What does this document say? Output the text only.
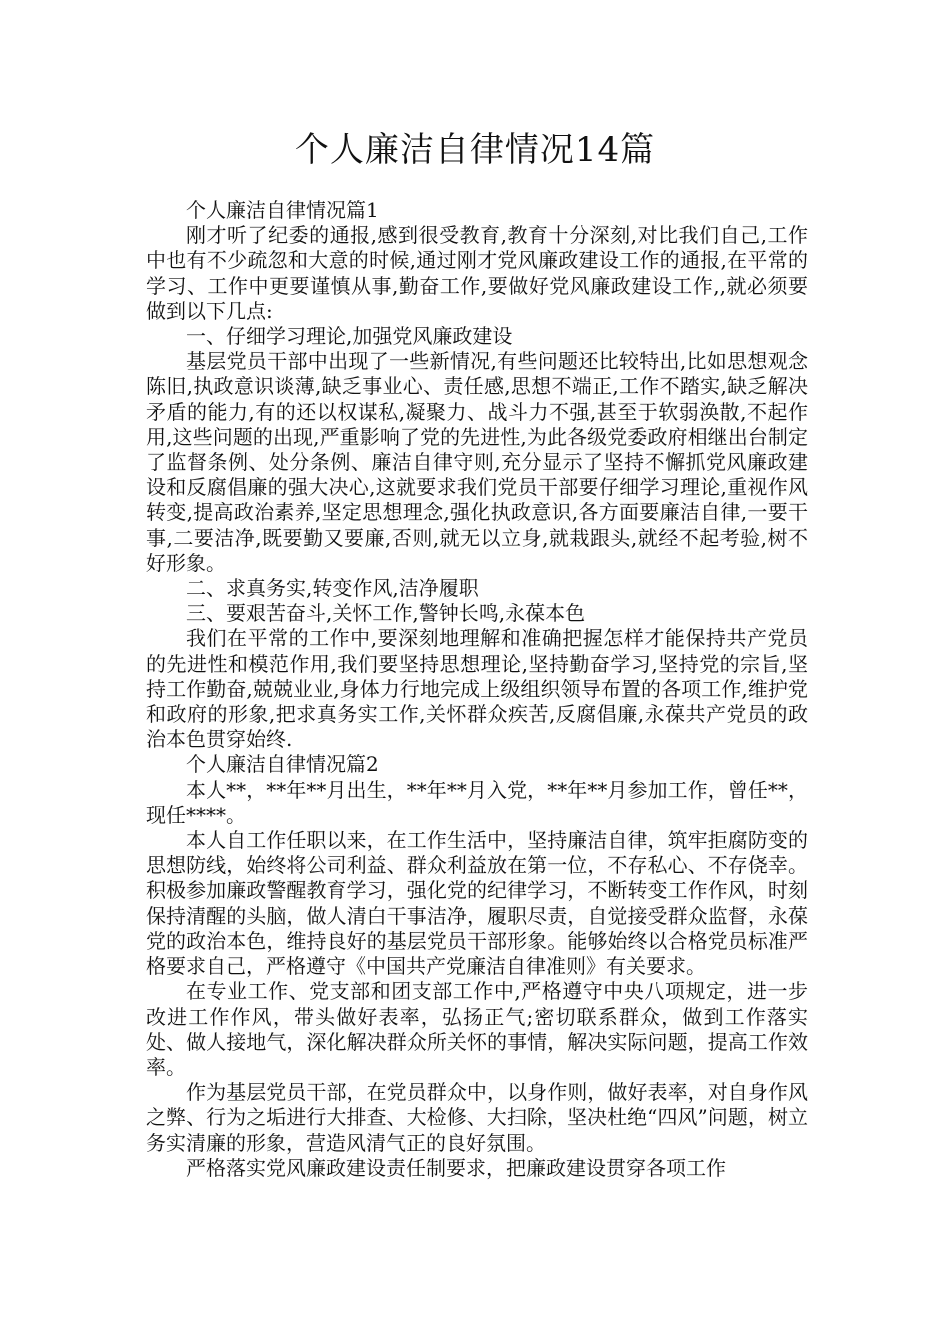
个人廉洁自律情况14篇

个人廉洁自律情况篇1

刚才听了纪委的通报,感到很受教育,教育十分深刻,对比我们自己,工作中也有不少疏忽和大意的时候,通过刚才党风廉政建设工作的通报,在平常的学习、工作中更要谨慎从事,勤奋工作,要做好党风廉政建设工作,,就必须要做到以下几点:

一、仔细学习理论,加强党风廉政建设

基层党员干部中出现了一些新情况,有些问题还比较特出,比如思想观念陈旧,执政意识谈薄,缺乏事业心、责任感,思想不端正,工作不踏实,缺乏解决矛盾的能力,有的还以权谋私,凝聚力、战斗力不强,甚至于软弱涣散,不起作用,这些问题的出现,严重影响了党的先进性,为此各级党委政府相继出台制定了监督条例、处分条例、廉洁自律守则,充分显示了坚持不懈抓党风廉政建设和反腐倡廉的强大决心,这就要求我们党员干部要仔细学习理论,重视作风转变,提高政治素养,坚定思想理念,强化执政意识,各方面要廉洁自律,一要干事,二要洁净,既要勤又要廉,否则,就无以立身,就栽跟头,就经不起考验,树不好形象。

二、求真务实,转变作风,洁净履职

三、要艰苦奋斗,关怀工作,警钟长鸣,永葆本色

我们在平常的工作中,要深刻地理解和准确把握怎样才能保持共产党员的先进性和模范作用,我们要坚持思想理论,坚持勤奋学习,坚持党的宗旨,坚持工作勤奋,兢兢业业,身体力行地完成上级组织领导布置的各项工作,维护党和政府的形象,把求真务实工作,关怀群众疾苦,反腐倡廉,永葆共产党员的政治本色贯穿始终.

个人廉洁自律情况篇2

本人**，**年**月出生，**年**月入党，**年**月参加工作，曾任**，现任****。

本人自工作任职以来，在工作生活中，坚持廉洁自律，筑牢拒腐防变的思想防线，始终将公司利益、群众利益放在第一位，不存私心、不存侥幸。积极参加廉政警醒教育学习，强化党的纪律学习，不断转变工作作风，时刻保持清醒的头脑，做人清白干事洁净，履职尽责，自觉接受群众监督，永葆党的政治本色，维持良好的基层党员干部形象。能够始终以合格党员标准严格要求自己，严格遵守《中国共产党廉洁自律准则》有关要求。

在专业工作、党支部和团支部工作中,严格遵守中央八项规定，进一步改进工作作风，带头做好表率，弘扬正气;密切联系群众，做到工作落实处、做人接地气，深化解决群众所关怀的事情，解决实际问题，提高工作效率。

作为基层党员干部，在党员群众中，以身作则，做好表率，对自身作风之弊、行为之垢进行大排查、大检修、大扫除，坚决杜绝“四风”问题，树立务实清廉的形象，营造风清气正的良好氛围。

严格落实党风廉政建设责任制要求，把廉政建设贯穿各项工作
